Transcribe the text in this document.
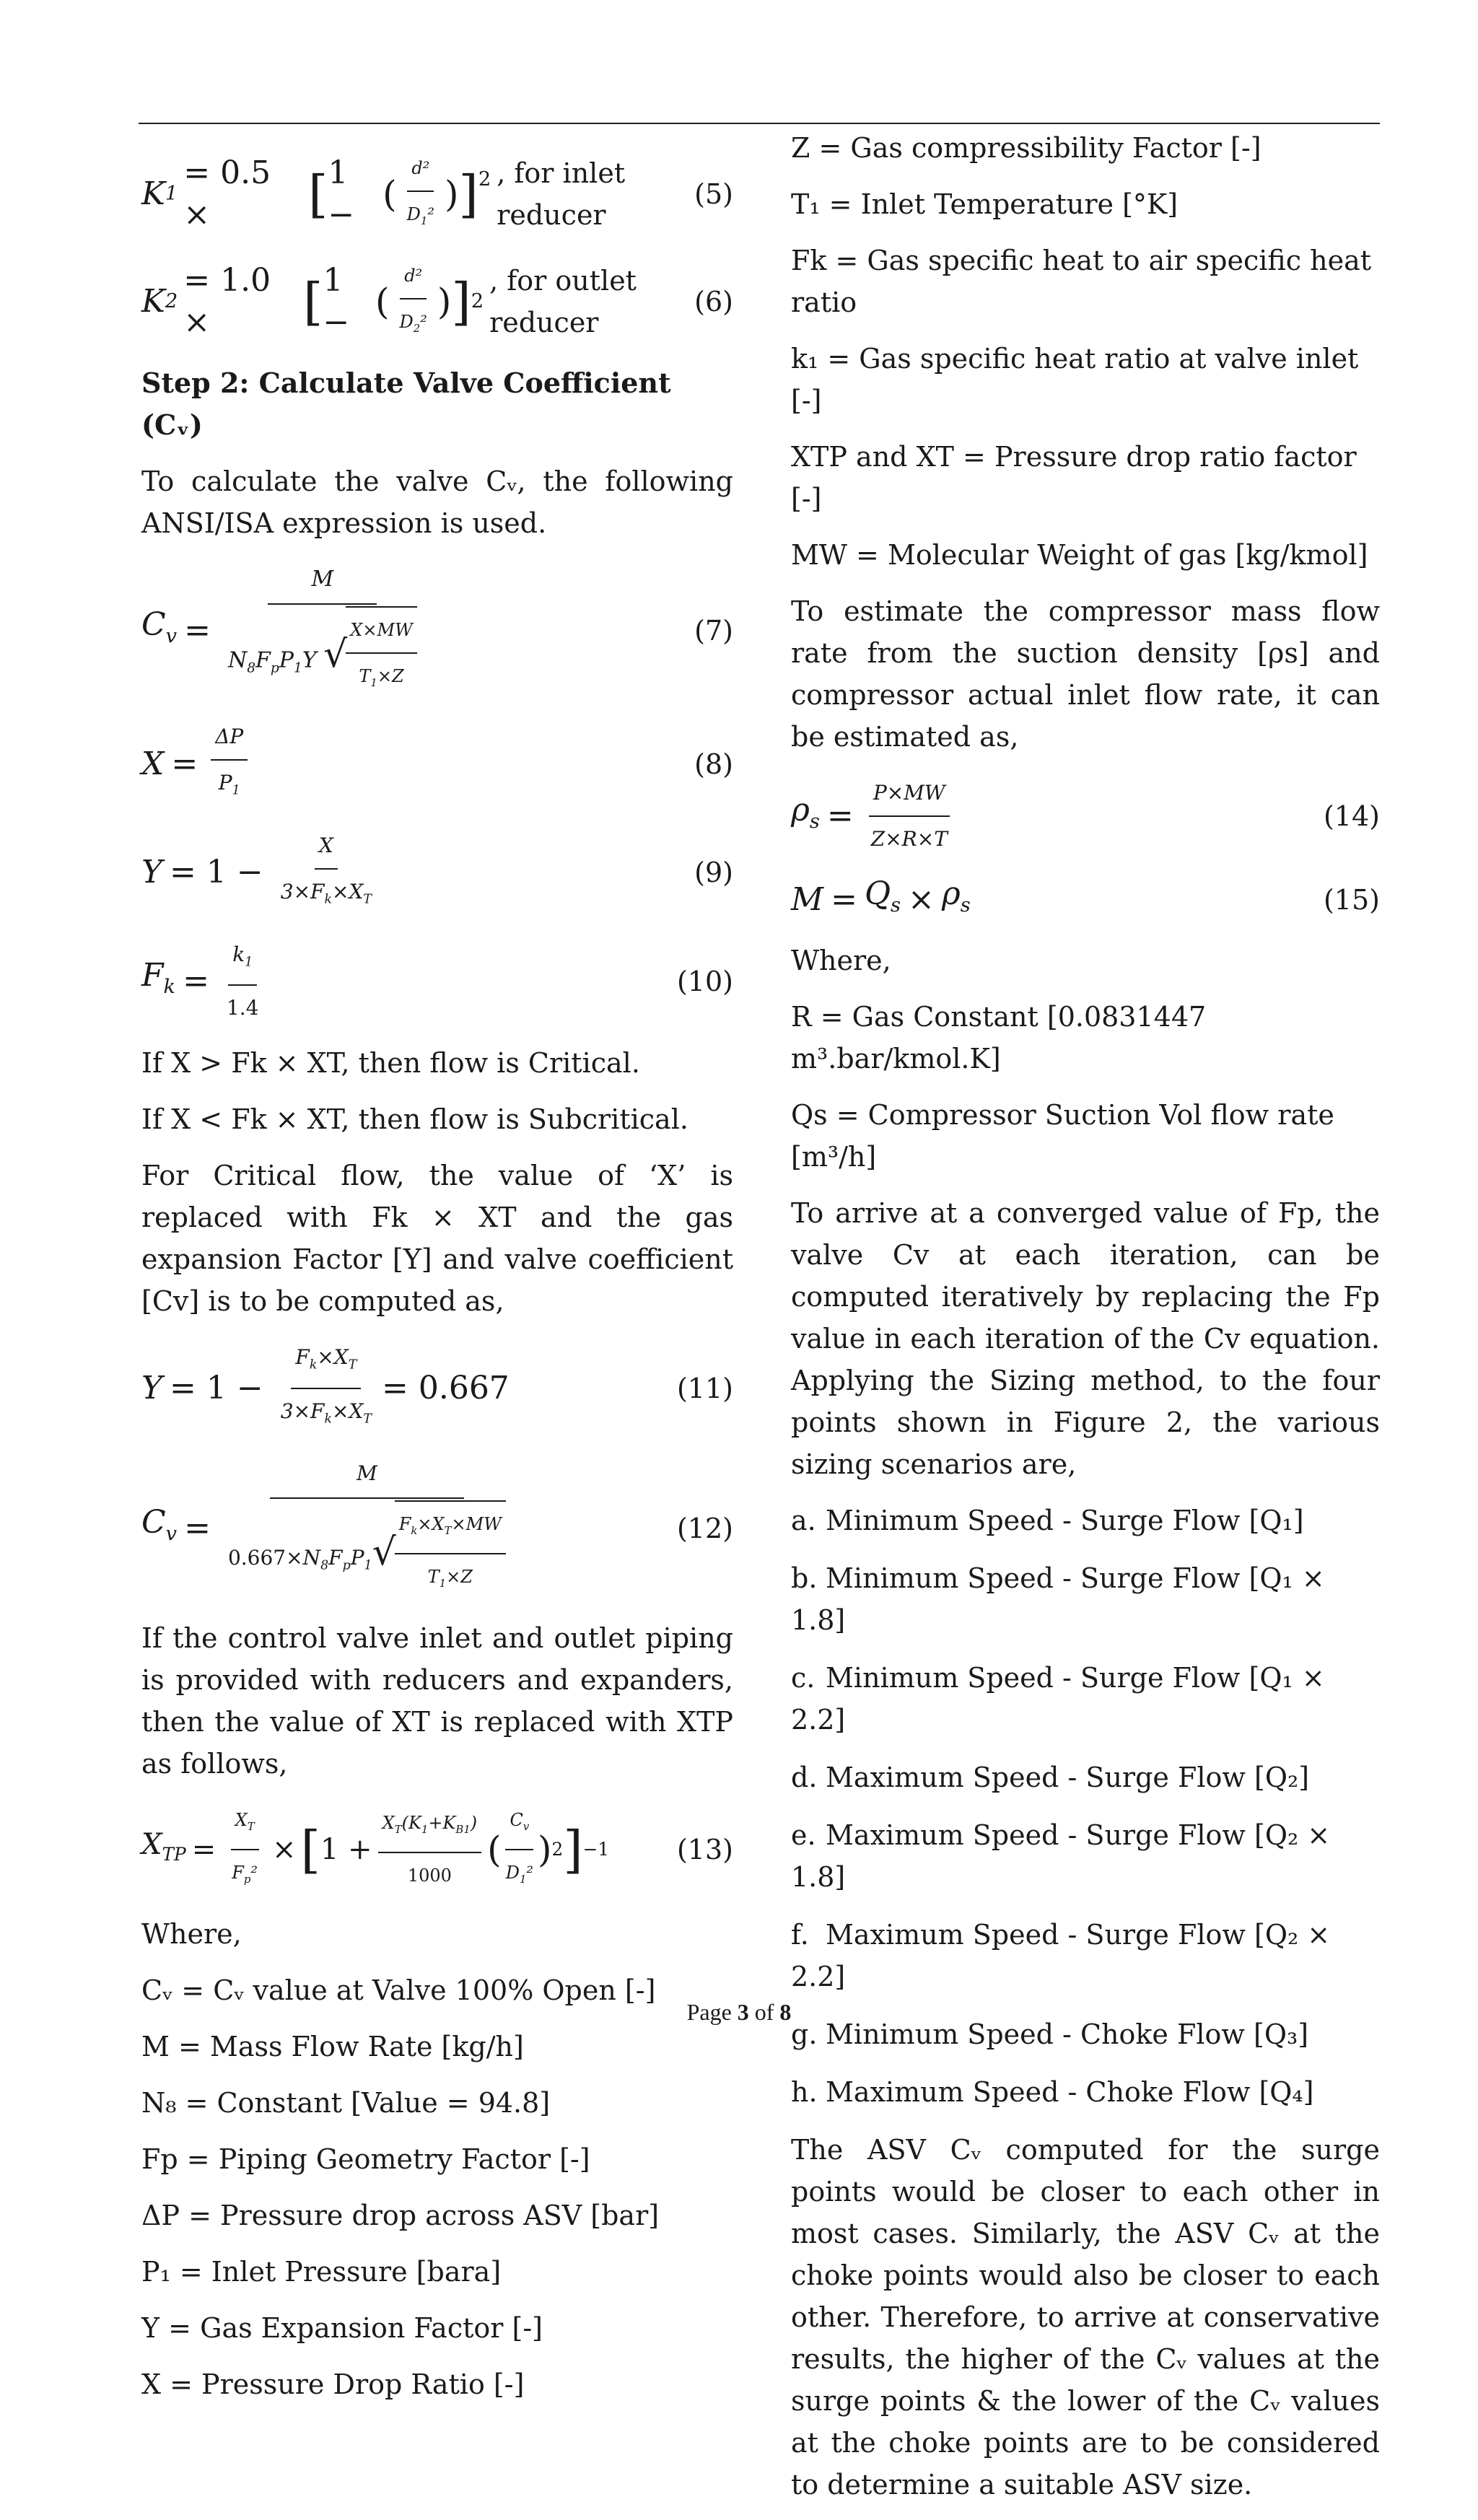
K 1
= 0.5 ×	[ 1 − ( $\frac{\text{d²}}{D_1^2}$ ) ]$^2$ , for inlet reducer
(5)
K 2
= 1.0 ×	[ 1 − ( $\frac{\text{d²}}{D_2^2}$ ) ] 2
, for outlet reducer
(6)

Step 2: Calculate Valve Coefficient (Cᵥ)

To calculate the valve Cᵥ, the following ANSI/ISA expression is used.

$C_v = M$
$N_8F_pP_1Y$ √
$\frac{X\times MW}{T_1\times Z}$	(7)
$X = \frac{\Delta P}{P_1}$	(8)
$Y = 1 - \frac{X}{3\times F_k\times X_T}$	(9)
$F_k = \frac{k_1}{1.4}$	(10)

If X > Fk × XT, then flow is Critical.

If X < Fk × XT, then flow is Subcritical.

For Critical flow, the value of ‘X’ is replaced with Fk × XT and the gas expansion Factor [Y] and valve coefficient [Cv] is to be computed as,

$Y = 1 - \frac{F_k\times X_T}{3\times F_k\times X_T} = 0.667$	(11)
$C_v = M$
$0.667\times N_8F_pP_1$ √
$\frac{F_k\times X_T\times MW}{T_1\times Z}$	(12)

If the control valve inlet and outlet piping is provided with reducers and expanders, then the value of XT is replaced with XTP as follows,

$X_{TP} = \frac{X_T}{F_p^2}$ × [ $1 + \frac{X_T(K_1+K_{B1})}{1000}$ ( $\frac{C_v}{D_1^2}$ ) 2 ] −1 (13)

Where,

Cᵥ = Cᵥ value at Valve 100% Open [-]

M = Mass Flow Rate [kg/h]

N₈ = Constant [Value = 94.8]

Fp = Piping Geometry Factor [-]

ΔP = Pressure drop across ASV [bar]

P₁ = Inlet Pressure [bara]

Y = Gas Expansion Factor [-]

X = Pressure Drop Ratio [-]

Z = Gas compressibility Factor [-]

T₁ = Inlet Temperature [°K]

Fk = Gas specific heat to air specific heat ratio

k₁ = Gas specific heat ratio at valve inlet [-]

XTP and XT = Pressure drop ratio factor [-]

MW = Molecular Weight of gas [kg/kmol]

To estimate the compressor mass flow rate from the suction density [ρs] and compressor actual inlet flow rate, it can be estimated as,

$\rho_s = \frac{P\times MW}{Z\times R\times T}$	(14)
$M = Q_s \times \rho_s$	(15)

Where,

R = Gas Constant [0.0831447 m³.bar/kmol.K]

Qs = Compressor Suction Vol flow rate [m³/h]

To arrive at a converged value of Fp, the valve Cv at each iteration, can be computed iteratively by replacing the Fp value in each iteration of the Cv equation. Applying the Sizing method, to the four points shown in Figure 2, the various sizing scenarios are,

a. Minimum Speed - Surge Flow [Q₁]
b. Minimum Speed - Surge Flow [Q₁ × 1.8]
c. Minimum Speed - Surge Flow [Q₁ × 2.2]
d. Maximum Speed - Surge Flow [Q₂]
e. Maximum Speed - Surge Flow [Q₂ × 1.8]
f. Maximum Speed - Surge Flow [Q₂ × 2.2]
g. Minimum Speed - Choke Flow [Q₃]
h. Maximum Speed - Choke Flow [Q₄]

The ASV Cᵥ computed for the surge points would be closer to each other in most cases. Similarly, the ASV Cᵥ at the choke points would also be closer to each other. Therefore, to arrive at conservative results, the higher of the Cᵥ values at the surge points & the lower of the Cᵥ values at the choke points are to be considered to determine a suitable ASV size.

Page 3 of 8
